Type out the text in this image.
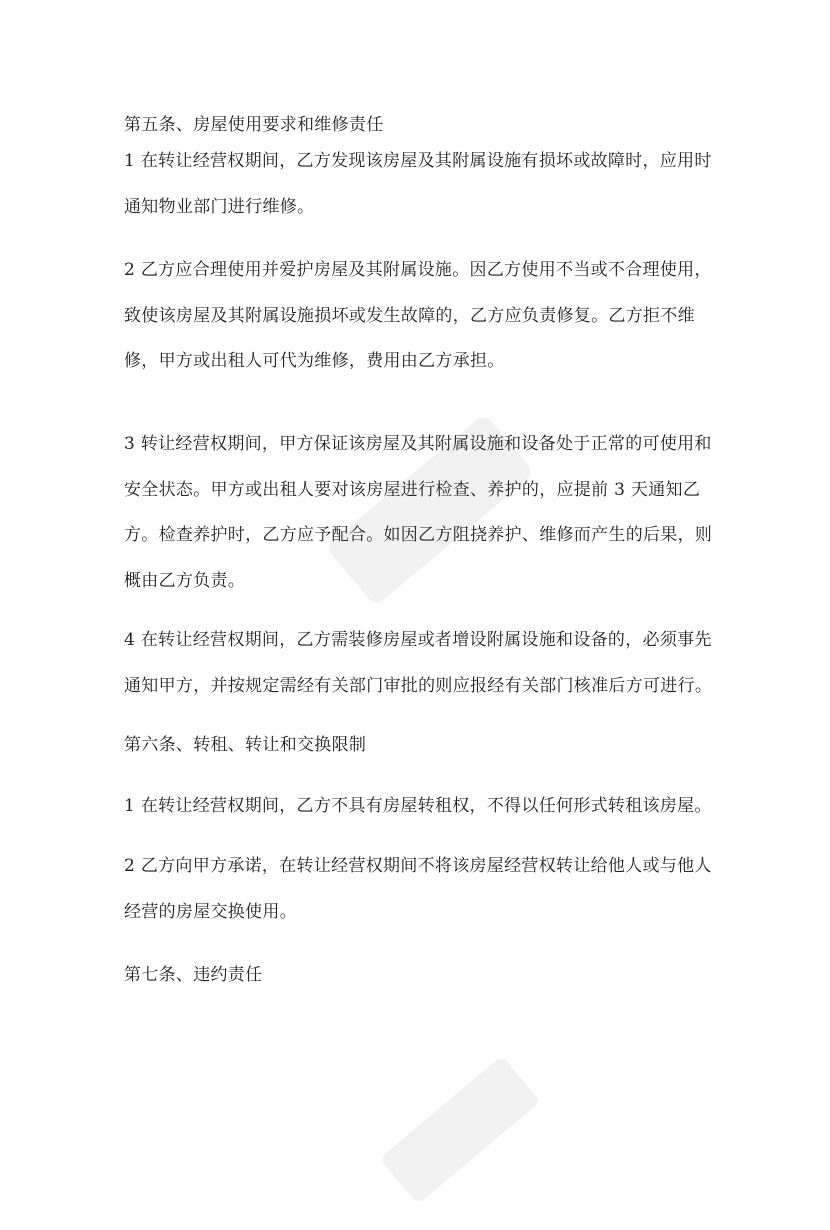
第五条、房屋使用要求和维修责任
1 在转让经营权期间，乙方发现该房屋及其附属设施有损坏或故障时，应用时
通知物业部门进行维修。
2 乙方应合理使用并爱护房屋及其附属设施。因乙方使用不当或不合理使用，
致使该房屋及其附属设施损坏或发生故障的，乙方应负责修复。乙方拒不维
修，甲方或出租人可代为维修，费用由乙方承担。
3 转让经营权期间，甲方保证该房屋及其附属设施和设备处于正常的可使用和
安全状态。甲方或出租人要对该房屋进行检查、养护的，应提前 3 天通知乙
方。检查养护时，乙方应予配合。如因乙方阻挠养护、维修而产生的后果，则
概由乙方负责。
4 在转让经营权期间，乙方需装修房屋或者增设附属设施和设备的，必须事先
通知甲方，并按规定需经有关部门审批的则应报经有关部门核准后方可进行。
第六条、转租、转让和交换限制
1 在转让经营权期间，乙方不具有房屋转租权，不得以任何形式转租该房屋。
2 乙方向甲方承诺，在转让经营权期间不将该房屋经营权转让给他人或与他人
经营的房屋交换使用。
第七条、违约责任
